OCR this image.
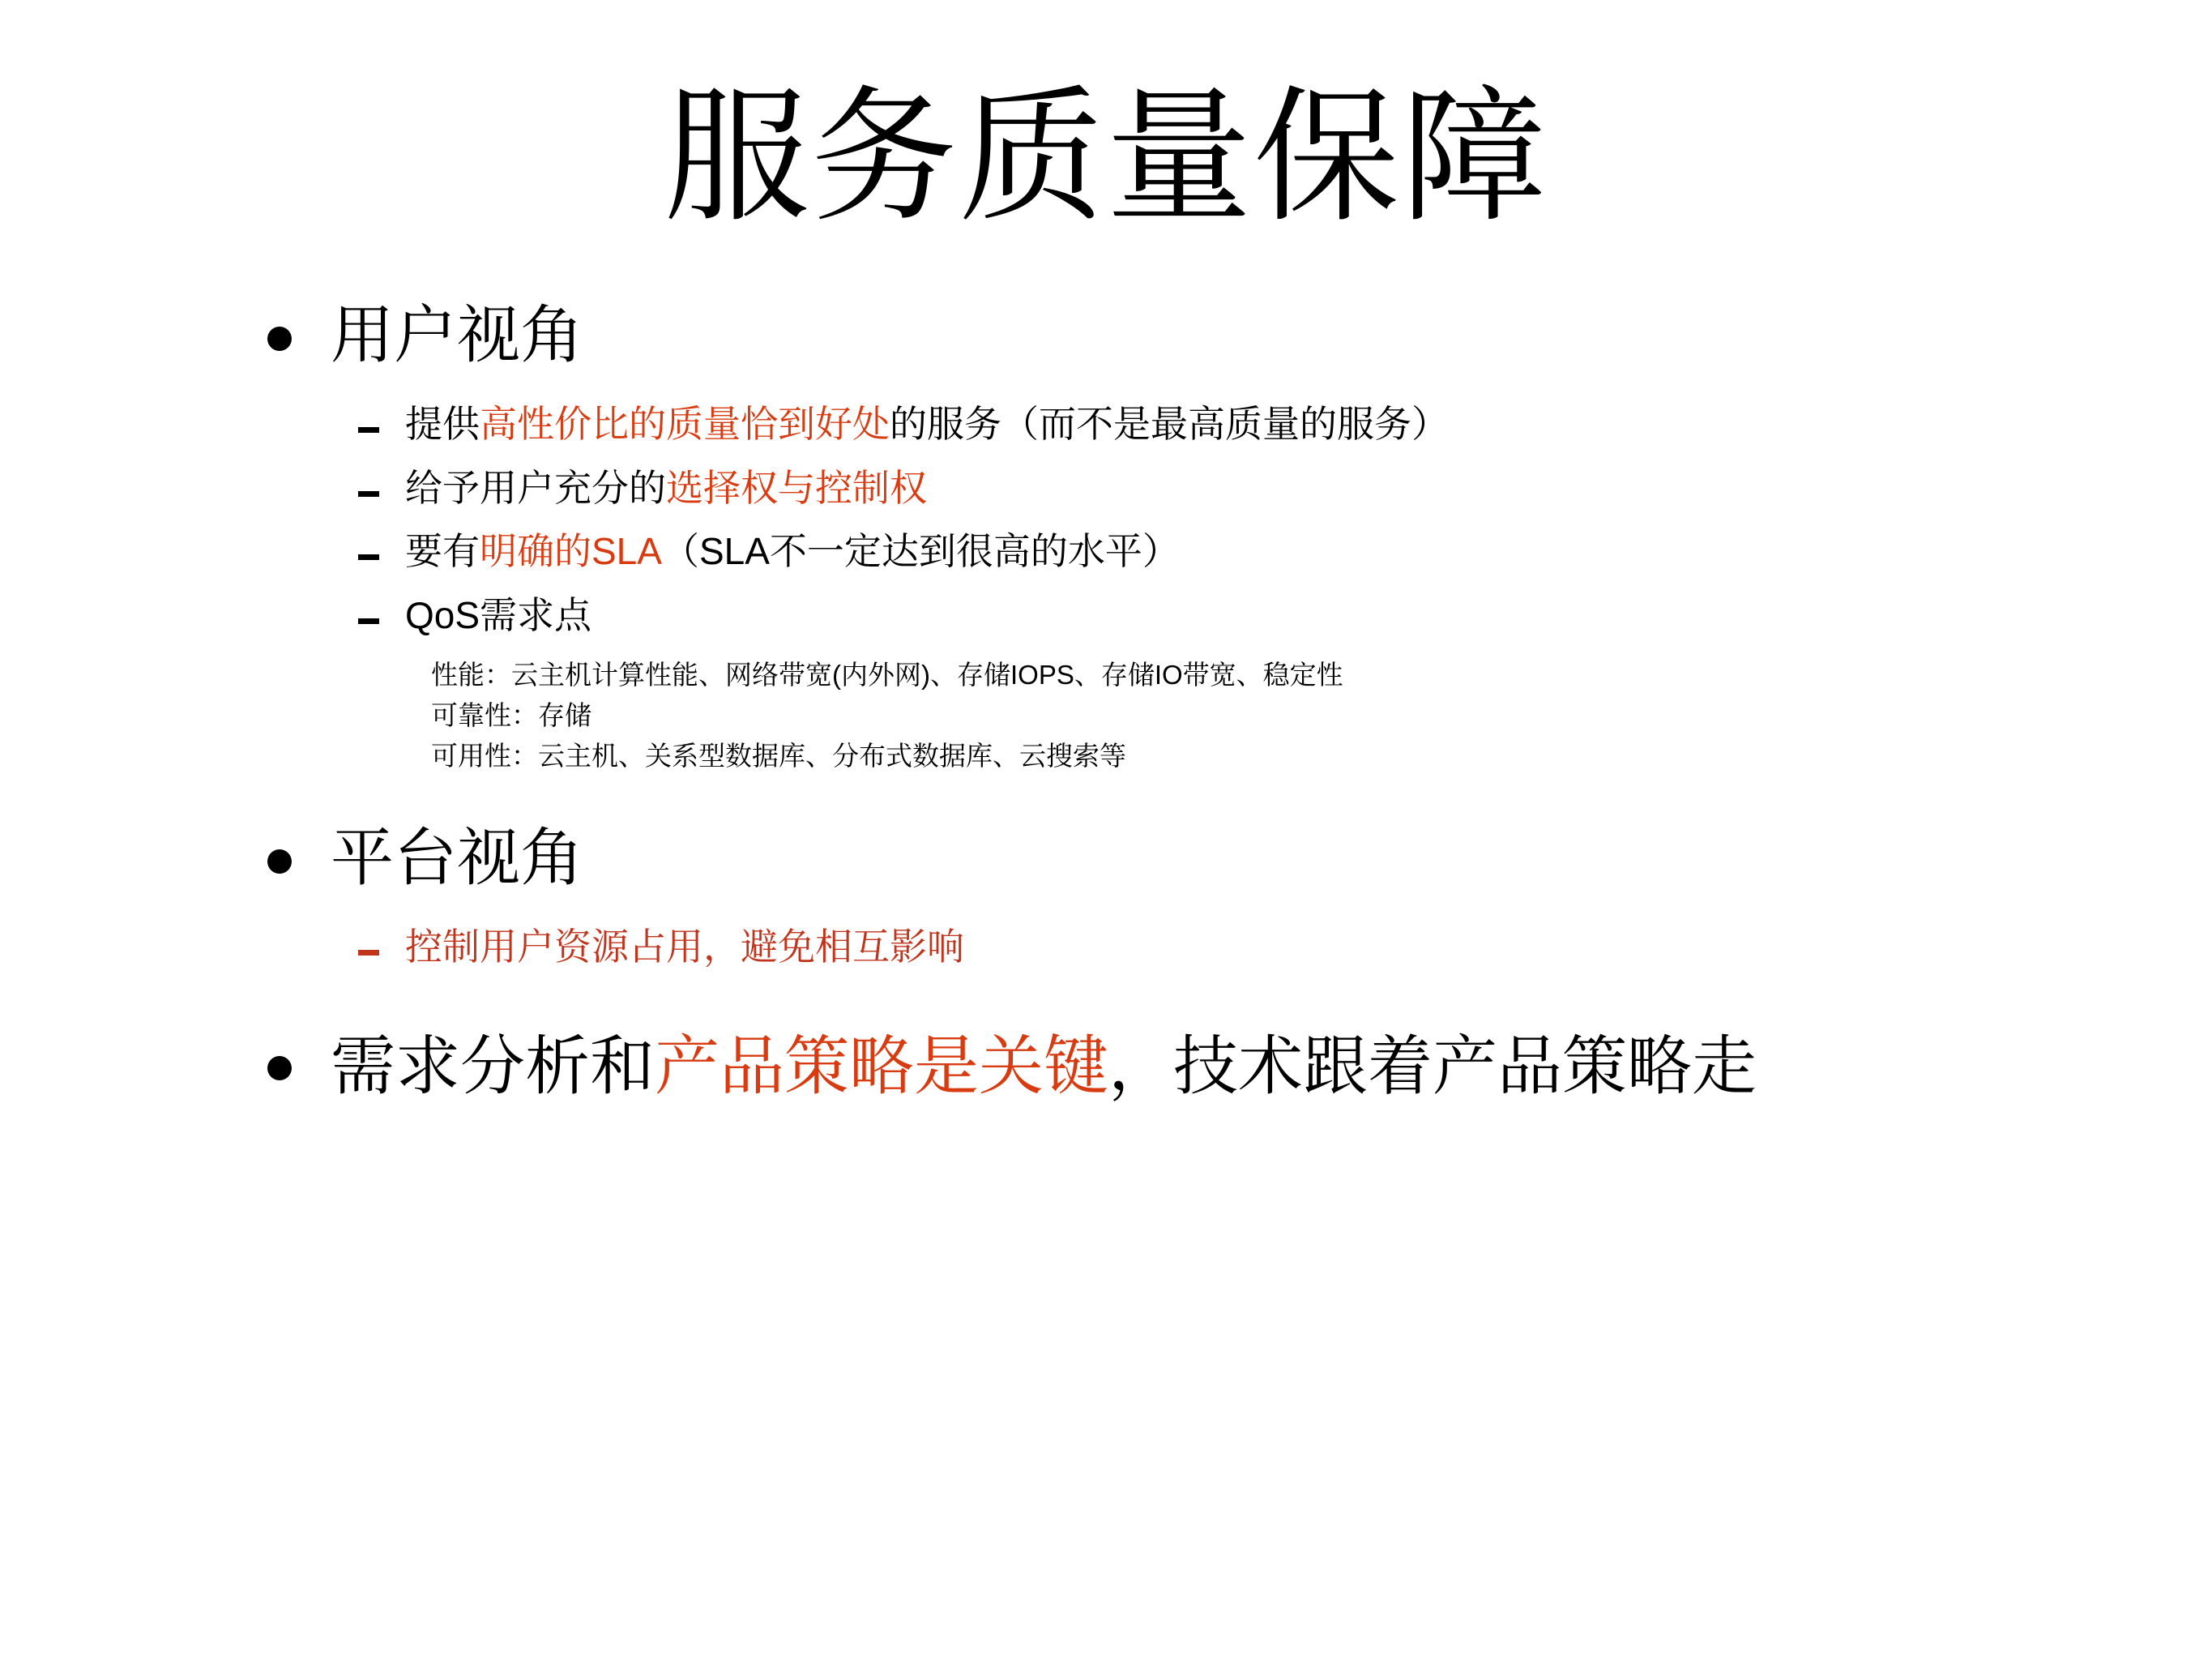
服务质量保障
用户视角
提供高性价比的质量恰到好处的服务（而不是最高质量的服务）
给予用户充分的选择权与控制权
要有明确的SLA（SLA不一定达到很高的水平）
QoS需求点
性能：云主机计算性能、网络带宽(内外网)、存储IOPS、存储IO带宽、稳定性
可靠性：存储
可用性：云主机、关系型数据库、分布式数据库、云搜索等
平台视角
控制用户资源占用，避免相互影响
需求分析和产品策略是关键，技术跟着产品策略走
